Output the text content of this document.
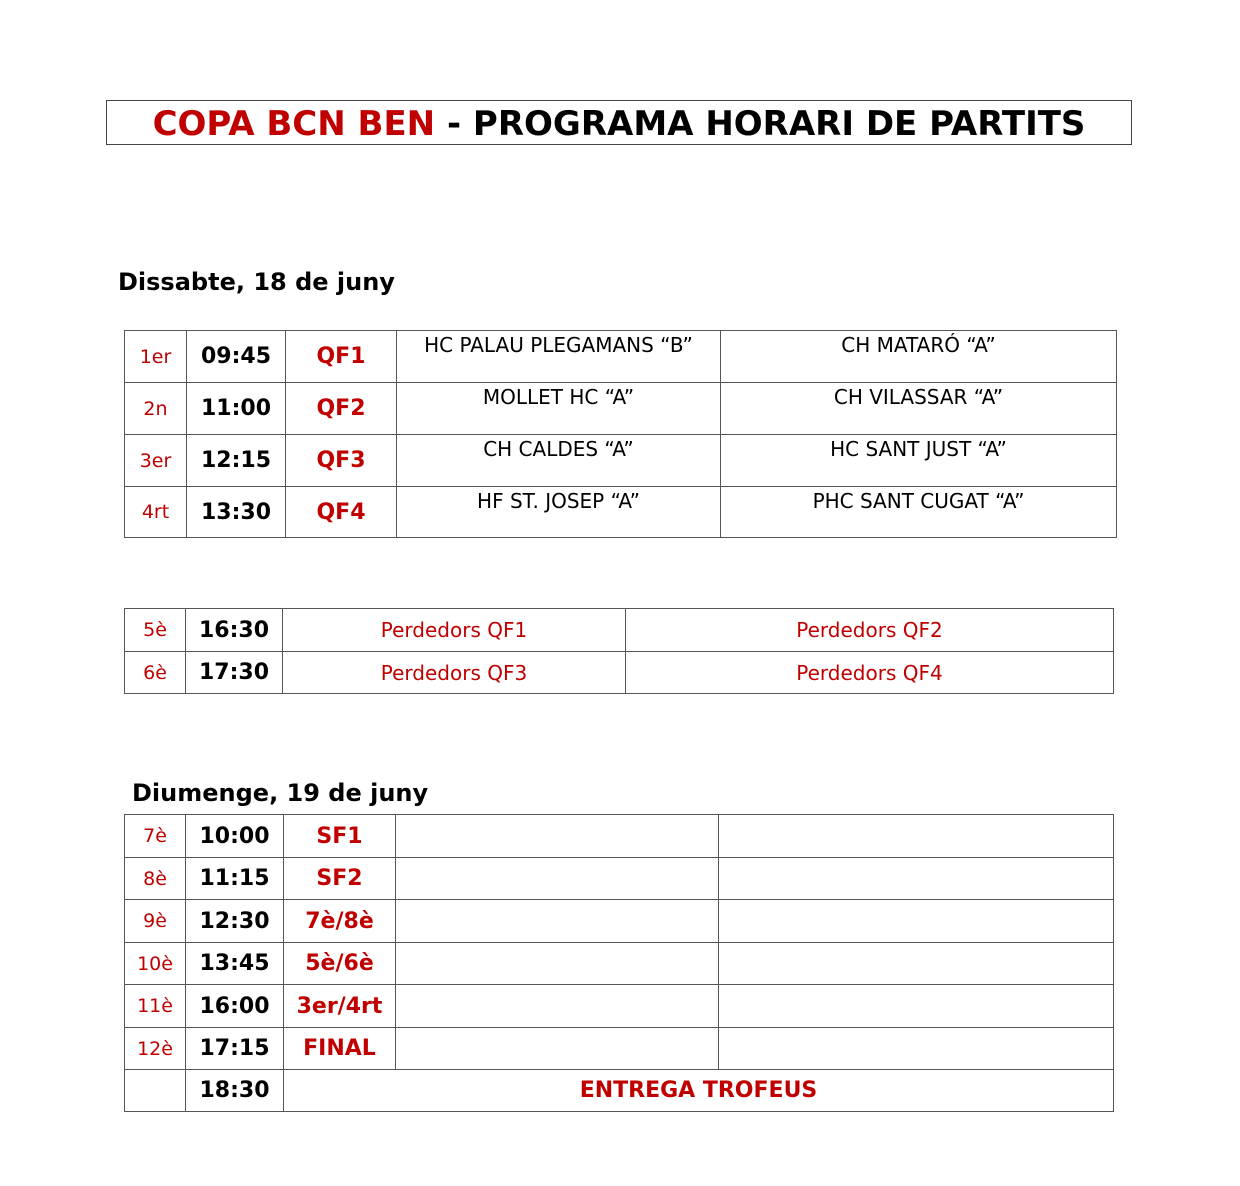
COPA BCN BEN - PROGRAMA HORARI DE PARTITS
Dissabte, 18 de juny
1er	09:45	QF1	HC PALAU PLEGAMANS “B”	CH MATARÓ “A”
2n	11:00	QF2	MOLLET HC “A”	CH VILASSAR “A”
3er	12:15	QF3	CH CALDES “A”	HC SANT JUST “A”
4rt	13:30	QF4	HF ST. JOSEP “A”	PHC SANT CUGAT “A”
5è	16:30	Perdedors QF1	Perdedors QF2
6è	17:30	Perdedors QF3	Perdedors QF4
Diumenge, 19 de juny
7è	10:00	SF1		
8è	11:15	SF2		
9è	12:30	7è/8è		
10è	13:45	5è/6è		
11è	16:00	3er/4rt		
12è	17:15	FINAL		
	18:30	ENTREGA TROFEUS		
